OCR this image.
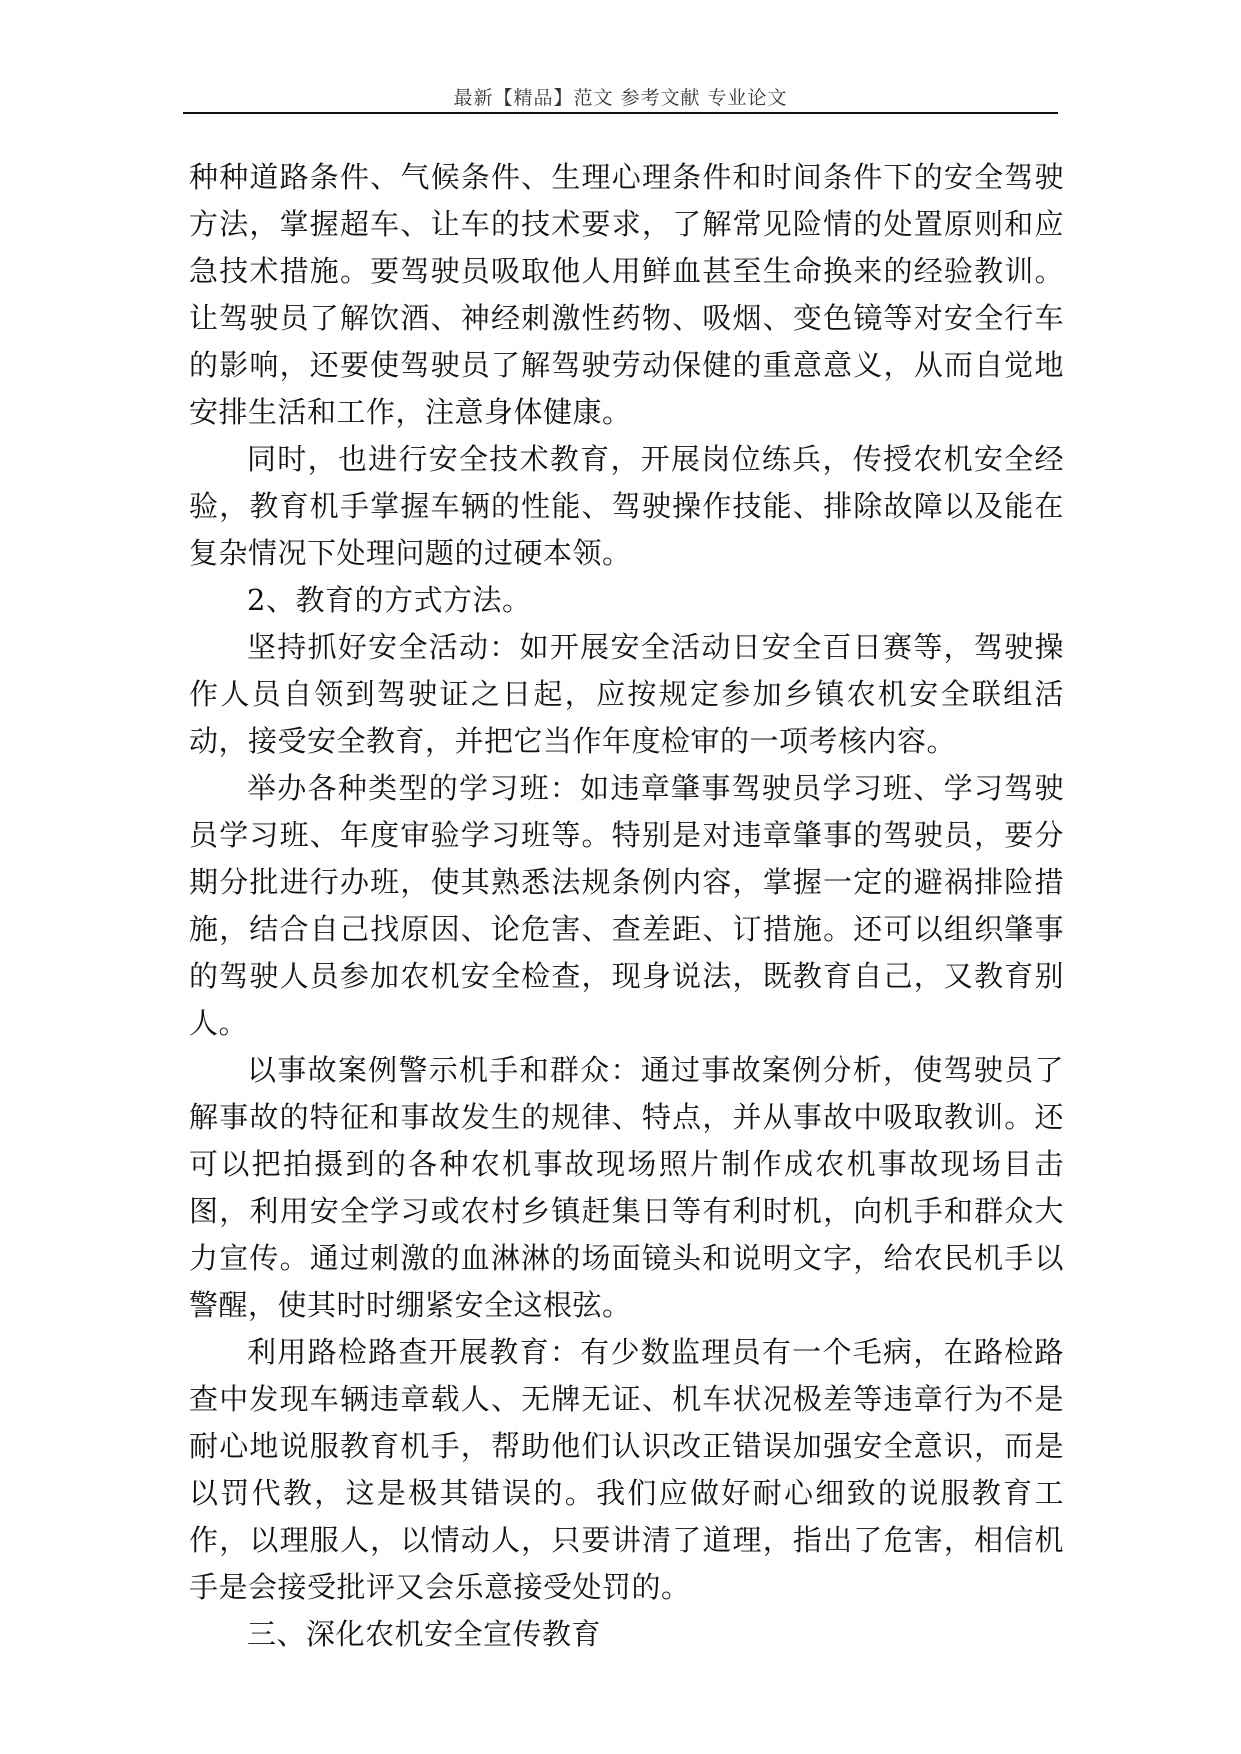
最新【精品】范文 参考文献 专业论文

种种道路条件、气候条件、生理心理条件和时间条件下的安全驾驶方法，掌握超车、让车的技术要求，了解常见险情的处置原则和应急技术措施。要驾驶员吸取他人用鲜血甚至生命换来的经验教训。让驾驶员了解饮酒、神经刺激性药物、吸烟、变色镜等对安全行车的影响，还要使驾驶员了解驾驶劳动保健的重意意义，从而自觉地安排生活和工作，注意身体健康。

同时，也进行安全技术教育，开展岗位练兵，传授农机安全经验，教育机手掌握车辆的性能、驾驶操作技能、排除故障以及能在复杂情况下处理问题的过硬本领。

2、教育的方式方法。

坚持抓好安全活动：如开展安全活动日安全百日赛等，驾驶操作人员自领到驾驶证之日起，应按规定参加乡镇农机安全联组活动，接受安全教育，并把它当作年度检审的一项考核内容。

举办各种类型的学习班：如违章肇事驾驶员学习班、学习驾驶员学习班、年度审验学习班等。特别是对违章肇事的驾驶员，要分期分批进行办班，使其熟悉法规条例内容，掌握一定的避祸排险措施，结合自己找原因、论危害、查差距、订措施。还可以组织肇事的驾驶人员参加农机安全检查，现身说法，既教育自己，又教育别人。

以事故案例警示机手和群众：通过事故案例分析，使驾驶员了解事故的特征和事故发生的规律、特点，并从事故中吸取教训。还可以把拍摄到的各种农机事故现场照片制作成农机事故现场目击图，利用安全学习或农村乡镇赶集日等有利时机，向机手和群众大力宣传。通过刺激的血淋淋的场面镜头和说明文字，给农民机手以警醒，使其时时绷紧安全这根弦。

利用路检路查开展教育：有少数监理员有一个毛病，在路检路查中发现车辆违章载人、无牌无证、机车状况极差等违章行为不是耐心地说服教育机手，帮助他们认识改正错误加强安全意识，而是以罚代教，这是极其错误的。我们应做好耐心细致的说服教育工作，以理服人，以情动人，只要讲清了道理，指出了危害，相信机手是会接受批评又会乐意接受处罚的。

三、深化农机安全宣传教育
